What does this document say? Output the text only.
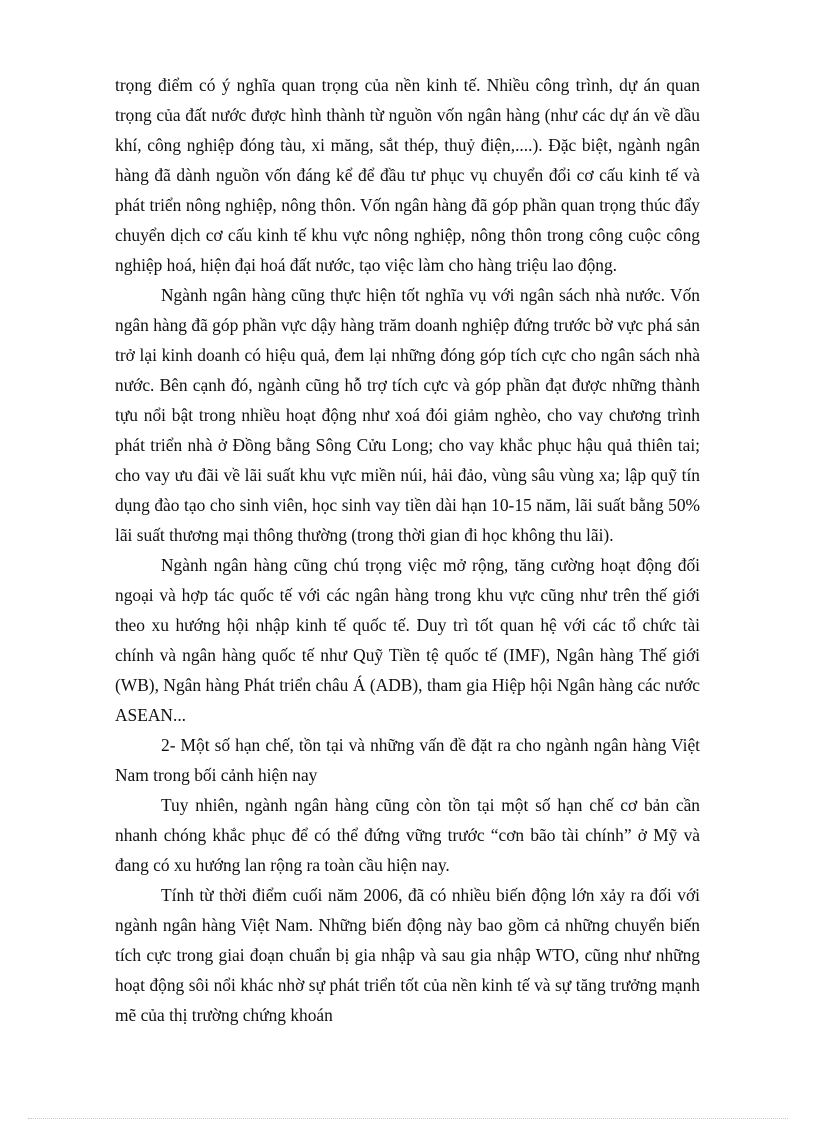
trọng điểm có ý nghĩa quan trọng của nền kinh tế. Nhiều công trình, dự án quan trọng của đất nước được hình thành từ nguồn vốn ngân hàng (như các dự án về dầu khí, công nghiệp đóng tàu, xi măng, sắt thép, thuỷ điện,....). Đặc biệt, ngành ngân hàng đã dành nguồn vốn đáng kể để đầu tư phục vụ chuyển đổi cơ cấu kinh tế và phát triển nông nghiệp, nông thôn. Vốn ngân hàng đã góp phần quan trọng thúc đẩy chuyển dịch cơ cấu kinh tế khu vực nông nghiệp, nông thôn trong công cuộc công nghiệp hoá, hiện đại hoá đất nước, tạo việc làm cho hàng triệu lao động.

Ngành ngân hàng cũng thực hiện tốt nghĩa vụ với ngân sách nhà nước. Vốn ngân hàng đã góp phần vực dậy hàng trăm doanh nghiệp đứng trước bờ vực phá sản trở lại kinh doanh có hiệu quả, đem lại những đóng góp tích cực cho ngân sách nhà nước. Bên cạnh đó, ngành cũng hỗ trợ tích cực và góp phần đạt được những thành tựu nổi bật trong nhiều hoạt động như xoá đói giảm nghèo, cho vay chương trình phát triển nhà ở Đồng bằng Sông Cửu Long; cho vay khắc phục hậu quả thiên tai; cho vay ưu đãi về lãi suất khu vực miền núi, hải đảo, vùng sâu vùng xa; lập quỹ tín dụng đào tạo cho sinh viên, học sinh vay tiền dài hạn 10-15 năm, lãi suất bằng 50% lãi suất thương mại thông thường (trong thời gian đi học không thu lãi).

Ngành ngân hàng cũng chú trọng việc mở rộng, tăng cường hoạt động đối ngoại và hợp tác quốc tế với các ngân hàng trong khu vực cũng như trên thế giới theo xu hướng hội nhập kinh tế quốc tế. Duy trì tốt quan hệ với các tổ chức tài chính và ngân hàng quốc tế như Quỹ Tiền tệ quốc tế (IMF), Ngân hàng Thế giới (WB), Ngân hàng Phát triển châu Á (ADB), tham gia Hiệp hội Ngân hàng các nước ASEAN...

2- Một số hạn chế, tồn tại và những vấn đề đặt ra cho ngành ngân hàng Việt Nam trong bối cảnh hiện nay

Tuy nhiên, ngành ngân hàng cũng còn tồn tại một số hạn chế cơ bản cần nhanh chóng khắc phục để có thể đứng vững trước “cơn bão tài chính” ở Mỹ và đang có xu hướng lan rộng ra toàn cầu hiện nay.

Tính từ thời điểm cuối năm 2006, đã có nhiều biến động lớn xảy ra đối với ngành ngân hàng Việt Nam. Những biến động này bao gồm cả những chuyển biến tích cực trong giai đoạn chuẩn bị gia nhập và sau gia nhập WTO, cũng như những hoạt động sôi nổi khác nhờ sự phát triển tốt của nền kinh tế và sự tăng trưởng mạnh mẽ của thị trường chứng khoán
